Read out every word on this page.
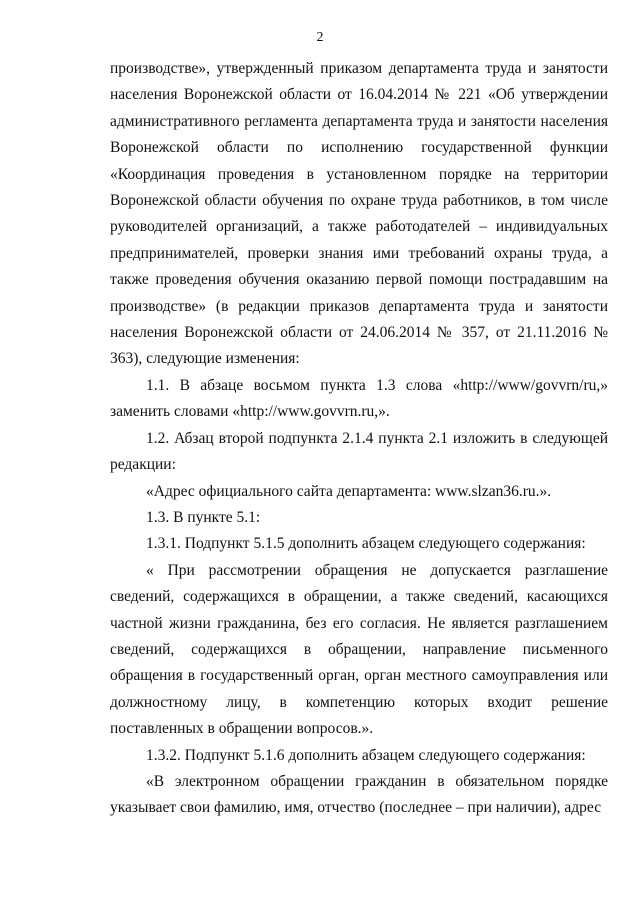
2

производстве», утвержденный приказом департамента труда и занятости населения Воронежской области от 16.04.2014 № 221 «Об утверждении административного регламента департамента труда и занятости населения Воронежской области по исполнению государственной функции «Координация проведения в установленном порядке на территории Воронежской области обучения по охране труда работников, в том числе руководителей организаций, а также работодателей – индивидуальных предпринимателей, проверки знания ими требований охраны труда, а также проведения обучения оказанию первой помощи пострадавшим на производстве» (в редакции приказов департамента труда и занятости населения Воронежской области от 24.06.2014 № 357, от 21.11.2016 № 363), следующие изменения:

1.1. В абзаце восьмом пункта 1.3 слова «http://www/govvrn/ru,» заменить словами «http://www.govvrn.ru,».

1.2. Абзац второй подпункта 2.1.4 пункта 2.1 изложить в следующей редакции:

«Адрес официального сайта департамента: www.slzan36.ru.».

1.3. В пункте 5.1:

1.3.1. Подпункт 5.1.5 дополнить абзацем следующего содержания:

« При рассмотрении обращения не допускается разглашение сведений, содержащихся в обращении, а также сведений, касающихся частной жизни гражданина, без его согласия. Не является разглашением сведений, содержащихся в обращении, направление письменного обращения в государственный орган, орган местного самоуправления или должностному лицу, в компетенцию которых входит решение поставленных в обращении вопросов.».

1.3.2. Подпункт 5.1.6 дополнить абзацем следующего содержания:

«В электронном обращении гражданин в обязательном порядке указывает свои фамилию, имя, отчество (последнее – при наличии), адрес
